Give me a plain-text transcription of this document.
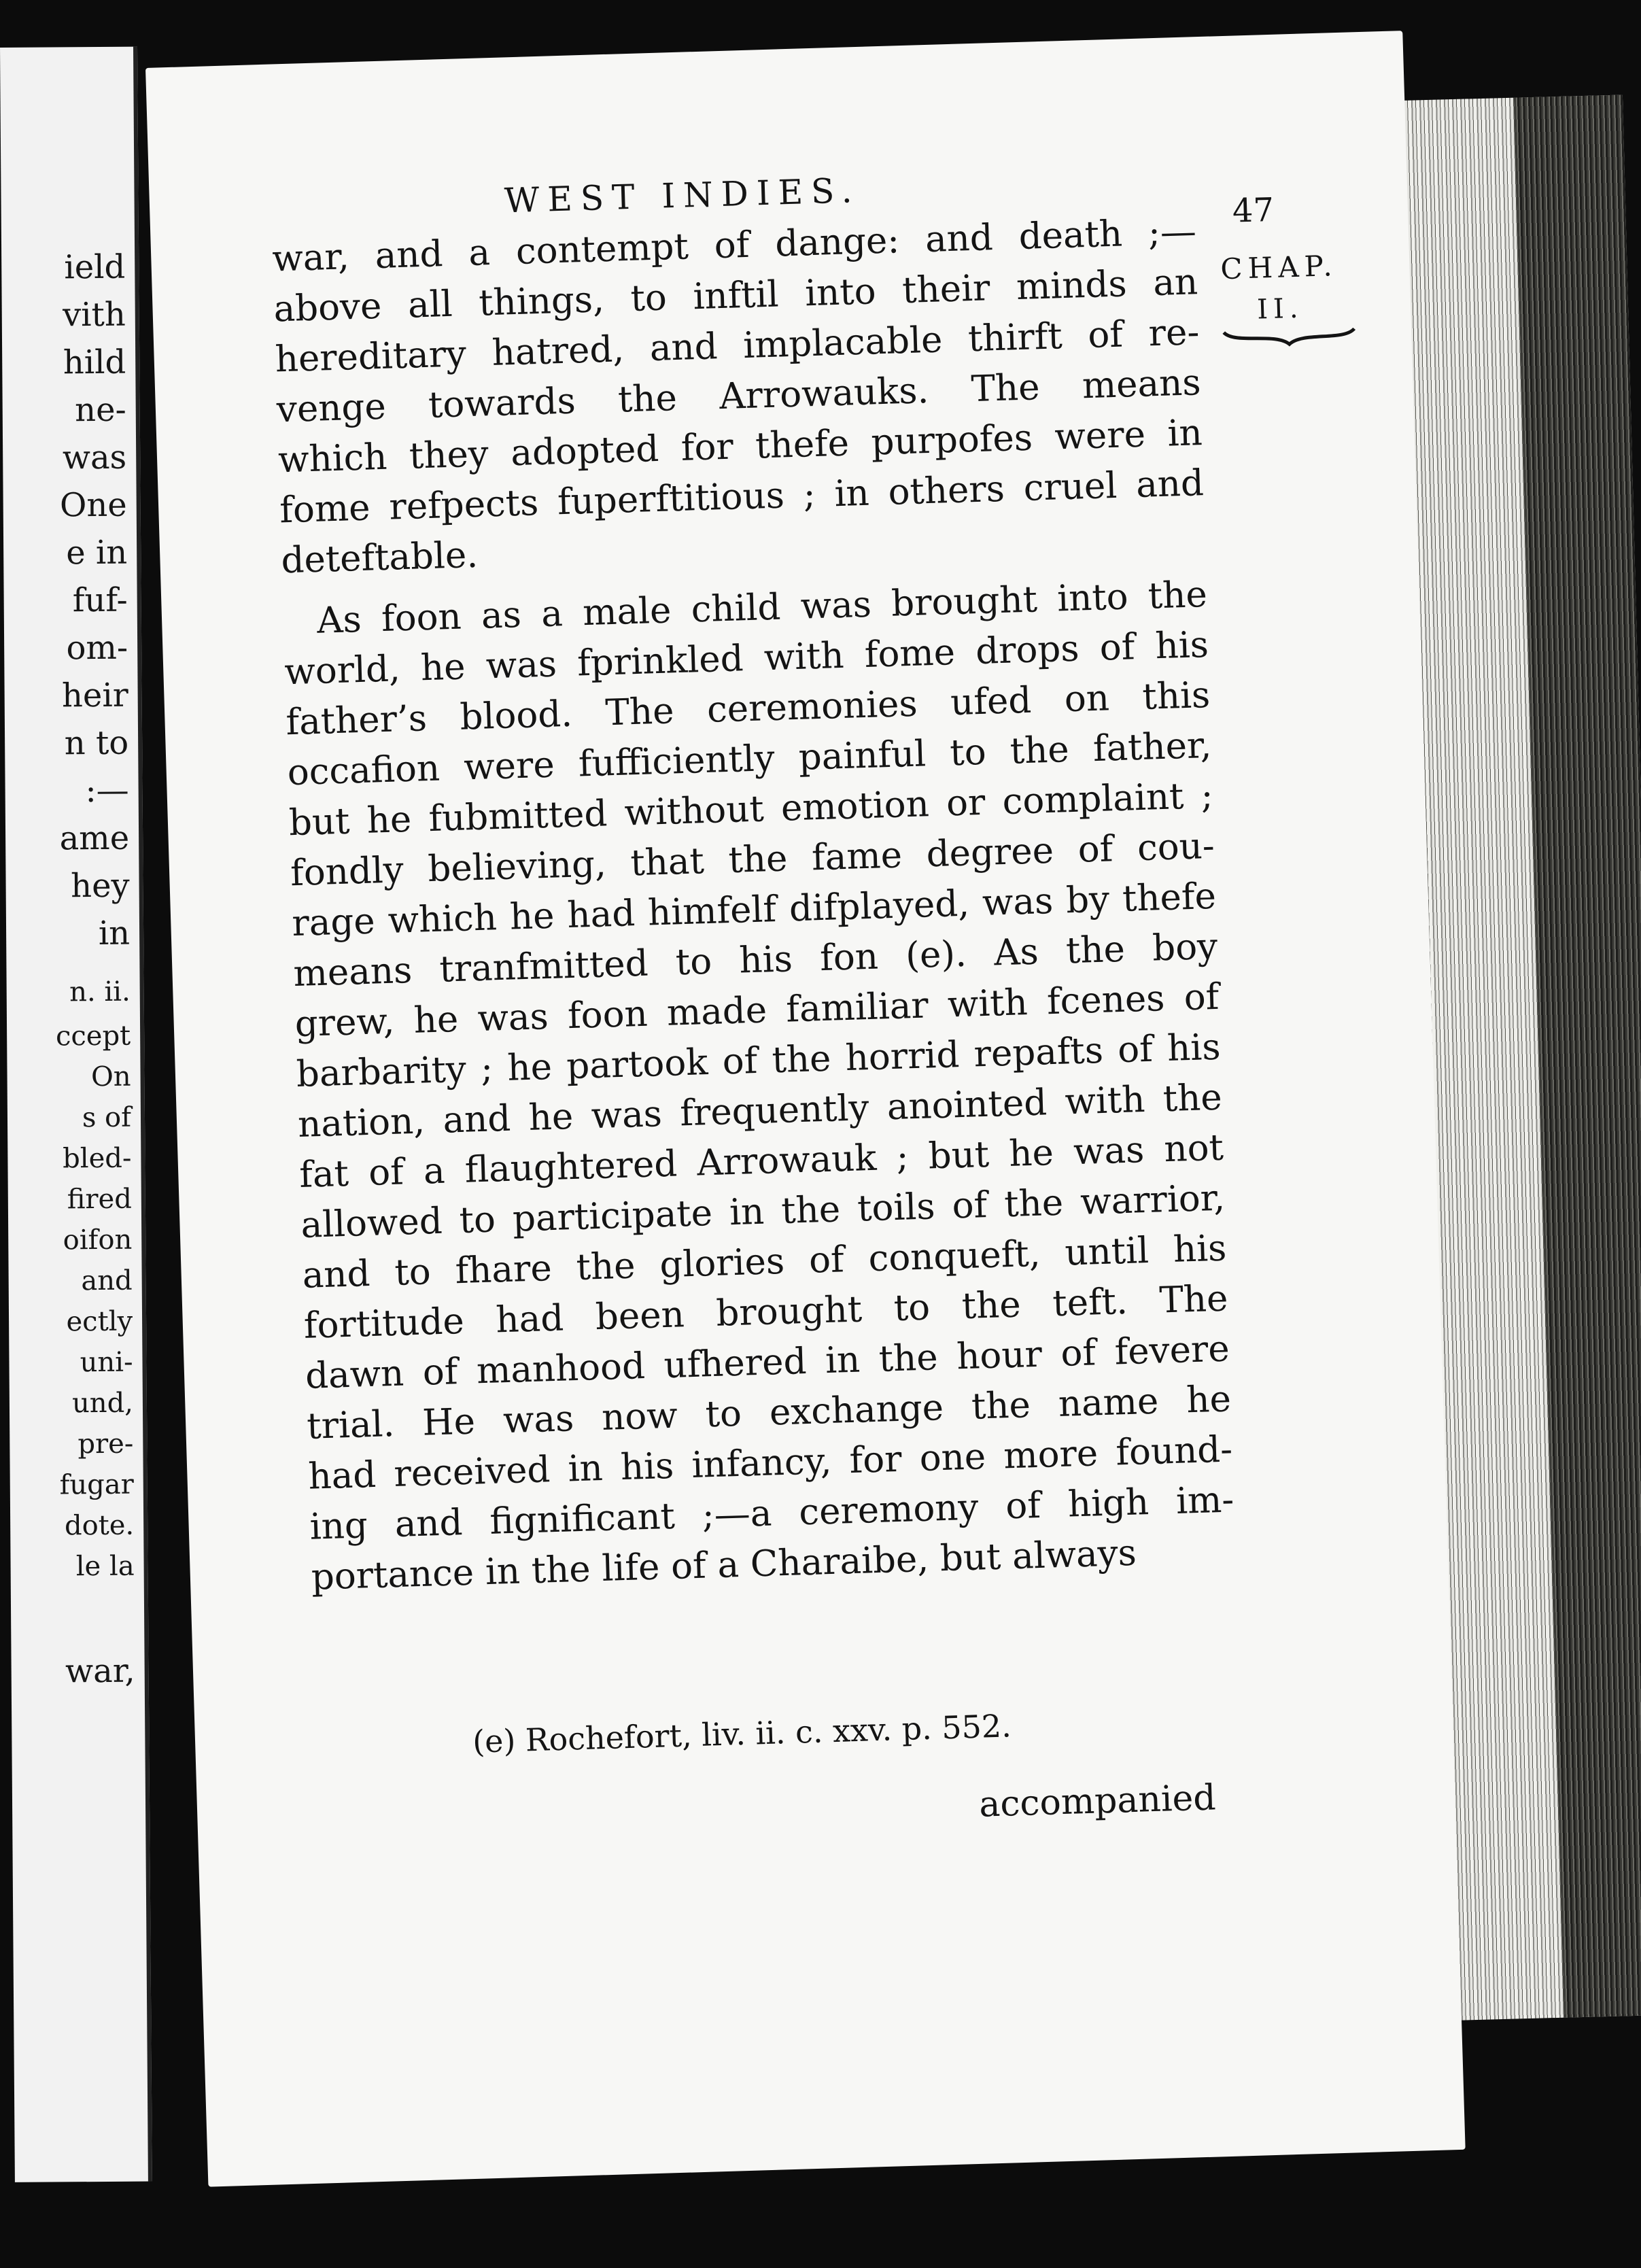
ield
vith
hild
ne-
was
One
e in
fuf-
om-
heir
n to
:—
ame
hey
in
n. ii.
ccept
On
s of
bled-
fired
oifon
and
ectly
uni-
und,
pre-
fugar
dote.
le la
war,
WEST INDIES.	47
CHAP.
II.
war, and a contempt of dange: and death ;—
above all things, to inftil into their minds an
hereditary hatred, and implacable thirft of re-
venge towards the Arrowauks. The means
which they adopted for thefe purpofes were in
fome refpects fuperftitious ; in others cruel and
deteftable.
As foon as a male child was brought into the
world, he was fprinkled with fome drops of his
father’s blood. The ceremonies ufed on this
occafion were fufficiently painful to the father,
but he fubmitted without emotion or complaint ;
fondly believing, that the fame degree of cou-
rage which he had himfelf difplayed, was by thefe
means tranfmitted to his fon (e). As the boy
grew, he was foon made familiar with fcenes of
barbarity ; he partook of the horrid repafts of his
nation, and he was frequently anointed with the
fat of a flaughtered Arrowauk ; but he was not
allowed to participate in the toils of the warrior,
and to fhare the glories of conqueft, until his
fortitude had been brought to the teft. The
dawn of manhood ufhered in the hour of fevere
trial. He was now to exchange the name he
had received in his infancy, for one more found-
ing and fignificant ;—a ceremony of high im-
portance in the life of a Charaibe, but always
(e) Rochefort, liv. ii. c. xxv. p. 552.
accompanied
